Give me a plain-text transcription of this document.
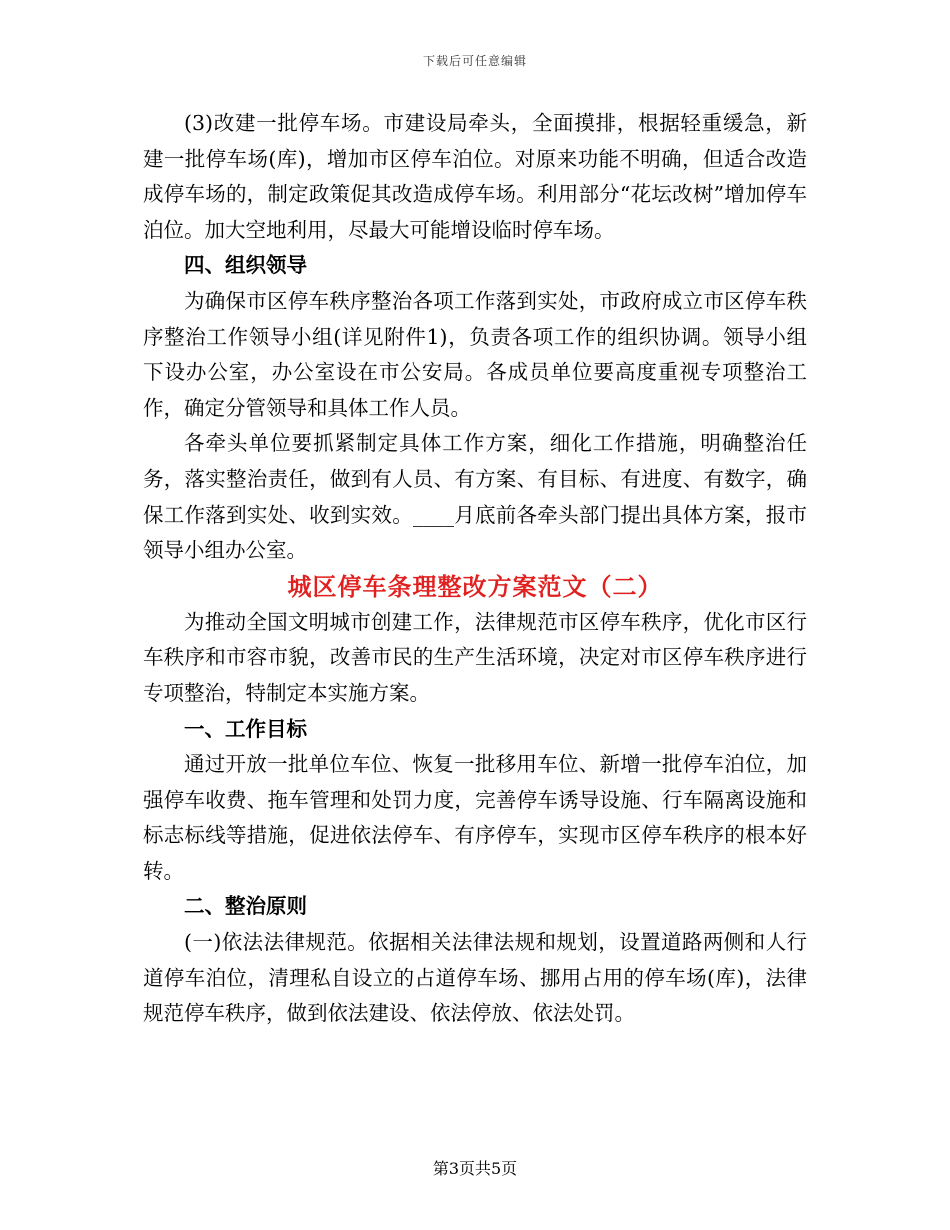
下载后可任意编辑

(3)改建一批停车场。市建设局牵头，全面摸排，根据轻重缓急，新建一批停车场(库)，增加市区停车泊位。对原来功能不明确，但适合改造成停车场的，制定政策促其改造成停车场。利用部分“花坛改树”增加停车泊位。加大空地利用，尽最大可能增设临时停车场。

四、组织领导

为确保市区停车秩序整治各项工作落到实处，市政府成立市区停车秩序整治工作领导小组(详见附件1)，负责各项工作的组织协调。领导小组下设办公室，办公室设在市公安局。各成员单位要高度重视专项整治工作，确定分管领导和具体工作人员。

各牵头单位要抓紧制定具体工作方案，细化工作措施，明确整治任务，落实整治责任，做到有人员、有方案、有目标、有进度、有数字，确保工作落到实处、收到实效。____月底前各牵头部门提出具体方案，报市领导小组办公室。

城区停车条理整改方案范文（二）

为推动全国文明城市创建工作，法律规范市区停车秩序，优化市区行车秩序和市容市貌，改善市民的生产生活环境，决定对市区停车秩序进行专项整治，特制定本实施方案。

一、工作目标

通过开放一批单位车位、恢复一批移用车位、新增一批停车泊位，加强停车收费、拖车管理和处罚力度，完善停车诱导设施、行车隔离设施和标志标线等措施，促进依法停车、有序停车，实现市区停车秩序的根本好转。

二、整治原则

(一)依法法律规范。依据相关法律法规和规划，设置道路两侧和人行道停车泊位，清理私自设立的占道停车场、挪用占用的停车场(库)，法律规范停车秩序，做到依法建设、依法停放、依法处罚。

第3页共5页
